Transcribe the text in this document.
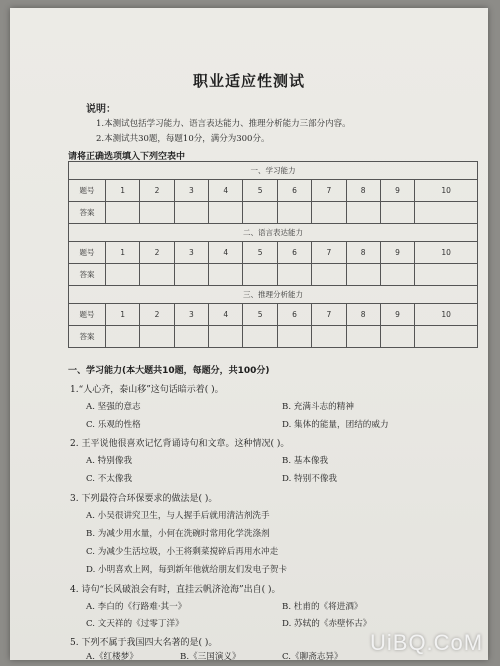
职业适应性测试
说明：
1.本测试包括学习能力、语言表达能力、推理分析能力三部分内容。
2.本测试共30题，每题10分，满分为300分。
请将正确选项填入下列空表中
一、学习能力										
题号	1	2	3	4	5	6	7	8	9	10
答案										
二、语言表达能力										
题号	1	2	3	4	5	6	7	8	9	10
答案										
三、推理分析能力										
题号	1	2	3	4	5	6	7	8	9	10
答案										
一、学习能力(本大题共10题，每题分，共100分)
1.“人心齐，泰山移”这句话暗示着( )。
A. 坚强的意志	B. 充满斗志的精神
C. 乐观的性格	D. 集体的能量，团结的威力
2. 王平说他很喜欢记忆背诵诗句和文章。这种情况( )。
A. 特别像我	B. 基本像我
C. 不太像我	D. 特别不像我
3. 下列最符合环保要求的做法是( )。
A. 小吴很讲究卫生，与人握手后就用清洁剂洗手
B. 为减少用水量，小何在洗碗时常用化学洗涤剂
C. 为减少生活垃圾，小王将剩菜搅碎后再用水冲走
D. 小明喜欢上网，每到新年他就给朋友们发电子贺卡
4. 诗句“长风破浪会有时，直挂云帆济沧海”出自( )。
A. 李白的《行路难·其一》	B. 杜甫的《将进酒》
C. 文天祥的《过零丁洋》	D. 苏轼的《赤壁怀古》
5. 下列不属于我国四大名著的是( )。
A.《红楼梦》	B.《三国演义》	C.《聊斋志异》
UiBQ.CoM
